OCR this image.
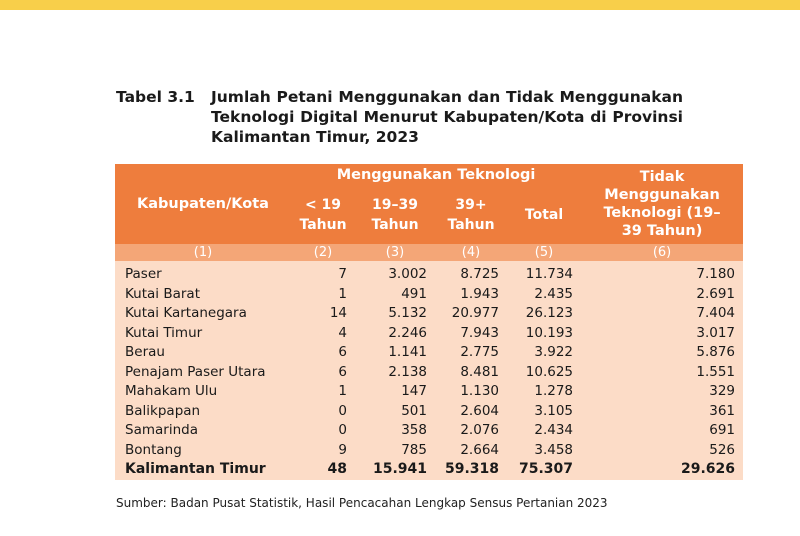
Tabel 3.1 Jumlah Petani Menggunakan dan Tidak Menggunakan Teknologi Digital Menurut Kabupaten/Kota di Provinsi Kalimantan Timur, 2023
Kabupaten/Kota	Menggunakan Teknologi				Tidak Menggunakan Teknologi (19–39 Tahun)

	< 19 Tahun	19–39 Tahun	39+ Tahun	Total	
(1)	(2)	(3)	(4)	(5)	(6)
Paser	7	3.002	8.725	11.734	7.180
Kutai Barat	1	491	1.943	2.435	2.691
Kutai Kartanegara	14	5.132	20.977	26.123	7.404
Kutai Timur	4	2.246	7.943	10.193	3.017
Berau	6	1.141	2.775	3.922	5.876
Penajam Paser Utara	6	2.138	8.481	10.625	1.551
Mahakam Ulu	1	147	1.130	1.278	329
Balikpapan	0	501	2.604	3.105	361
Samarinda	0	358	2.076	2.434	691
Bontang	9	785	2.664	3.458	526
Kalimantan Timur	48	15.941	59.318	75.307	29.626
Sumber: Badan Pusat Statistik, Hasil Pencacahan Lengkap Sensus Pertanian 2023
